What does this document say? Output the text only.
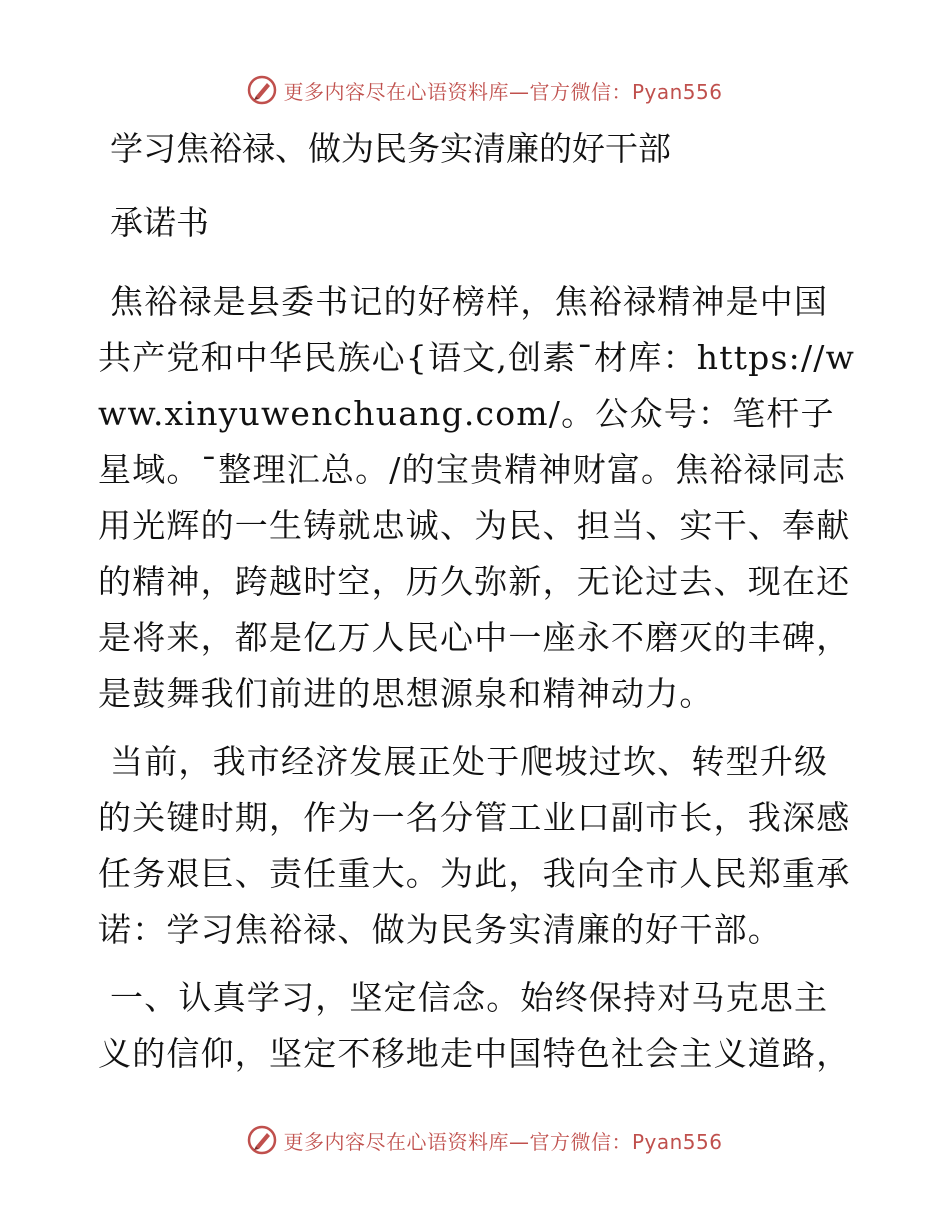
更多内容尽在心语资料库—官方微信：Pyan556

学习焦裕禄、做为民务实清廉的好干部

承诺书

焦裕禄是县委书记的好榜样，焦裕禄精神是中国共产党和中华民族心{语文,创素¯材库：https://www.xinyuwenchuang.com/。公众号：笔杆子星域。¯整理汇总。/的宝贵精神财富。焦裕禄同志用光辉的一生铸就忠诚、为民、担当、实干、奉献的精神，跨越时空，历久弥新，无论过去、现在还是将来，都是亿万人民心中一座永不磨灭的丰碑，是鼓舞我们前进的思想源泉和精神动力。

当前，我市经济发展正处于爬坡过坎、转型升级的关键时期，作为一名分管工业口副市长，我深感任务艰巨、责任重大。为此，我向全市人民郑重承诺：学习焦裕禄、做为民务实清廉的好干部。

一、认真学习，坚定信念。始终保持对马克思主义的信仰，坚定不移地走中国特色社会主义道路，

更多内容尽在心语资料库—官方微信：Pyan556
